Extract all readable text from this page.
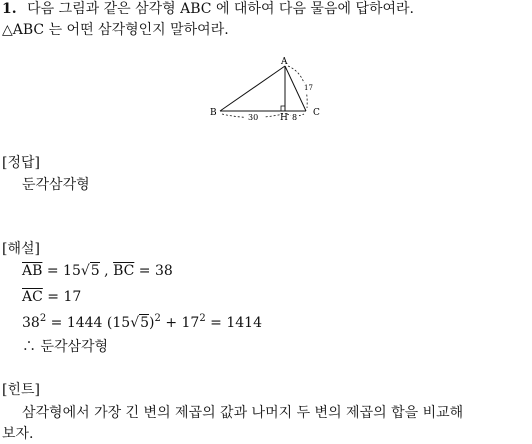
1. 다음 그림과 같은 삼각형 ABC 에 대하여 다음 물음에 답하여라.
△ABC 는 어떤 삼각형인지 말하여라.
A
B	C
H
30	8
17
[정답]
둔각삼각형
[해설]
$\overline{AB} = 15√5$ , $\overline{BC} = 38$
$\overline{AC} = 17$
$38^2 = 1444$ $(15√5)^2 + 17^2 = 1414$
∴ 둔각삼각형
[힌트]
삼각형에서 가장 긴 변의 제곱의 값과 나머지 두 변의 제곱의 합을 비교해
보자.
